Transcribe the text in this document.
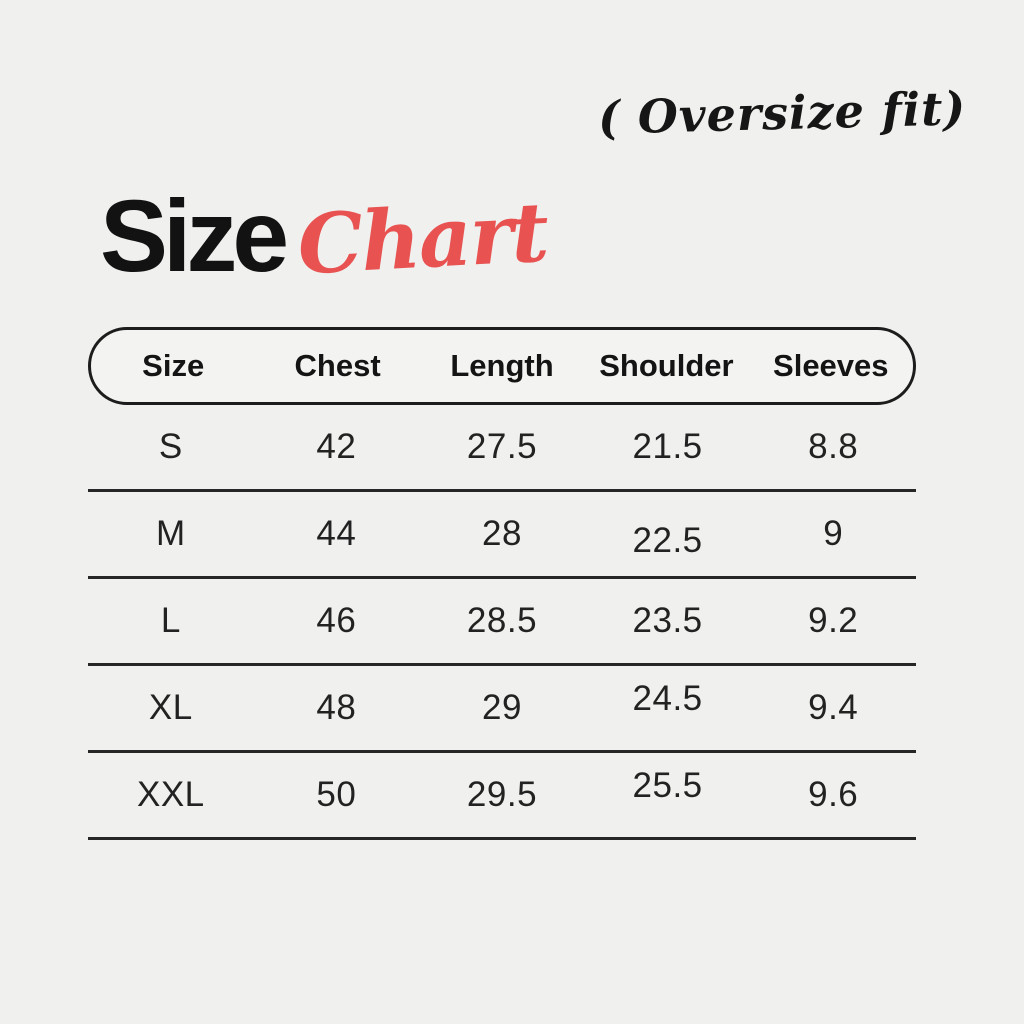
( Oversize fit)
Size Chart
Size	Chest	Length	Shoulder	Sleeves
S	42	27.5	21.5	8.8
M	44	28	22.5	9
L	46	28.5	23.5	9.2
XL	48	29	24.5	9.4
XXL	50	29.5	25.5	9.6
